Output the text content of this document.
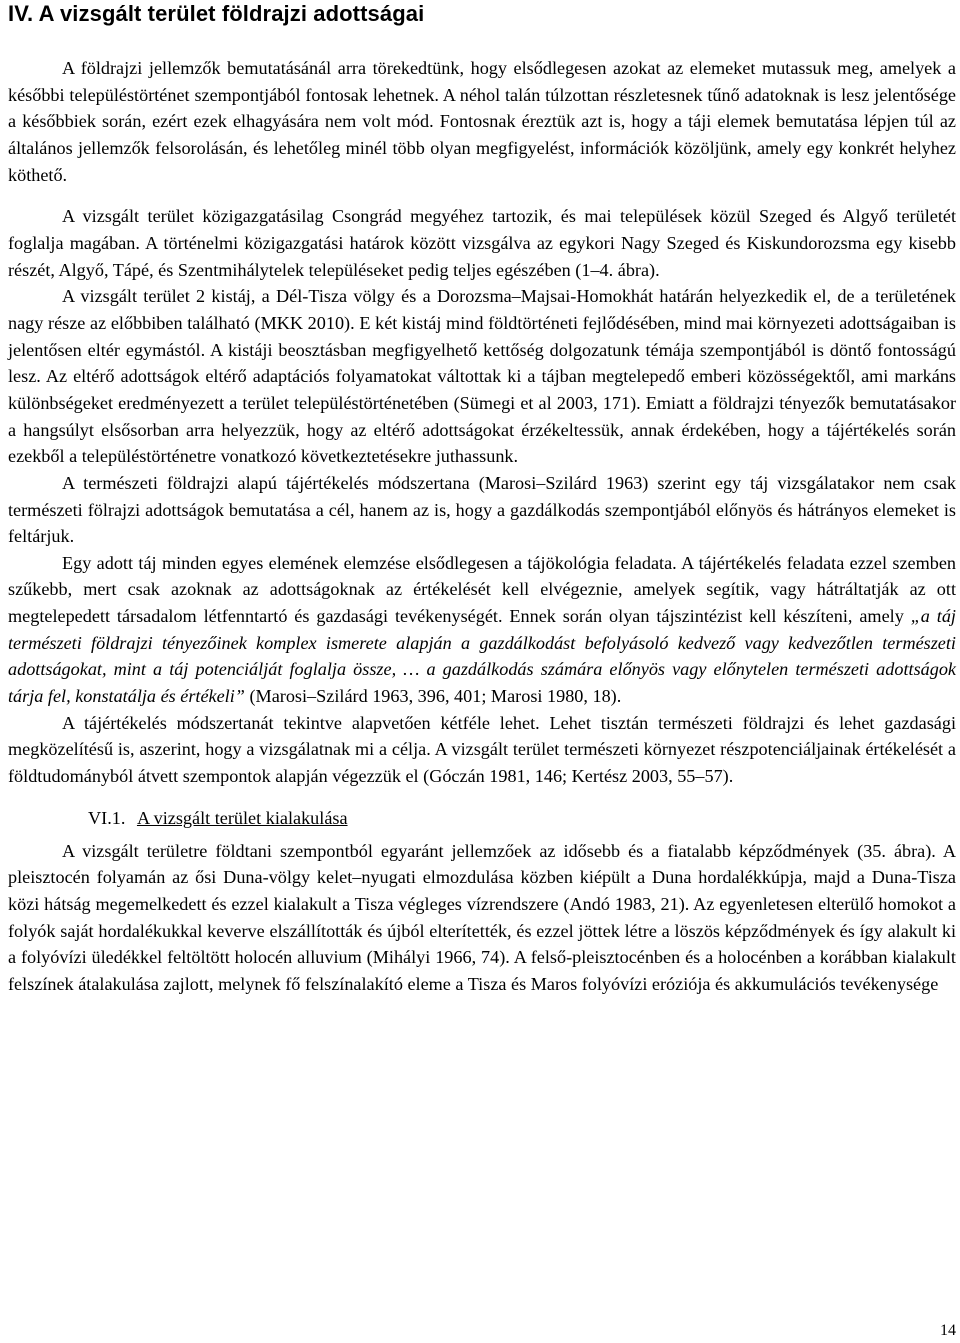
IV. A vizsgált terület földrajzi adottságai

A földrajzi jellemzők bemutatásánál arra törekedtünk, hogy elsődlegesen azokat az elemeket mutassuk meg, amelyek a későbbi településtörténet szempontjából fontosak lehetnek. A néhol talán túlzottan részletesnek tűnő adatoknak is lesz jelentősége a későbbiek során, ezért ezek elhagyására nem volt mód. Fontosnak éreztük azt is, hogy a táji elemek bemutatása lépjen túl az általános jellemzők felsorolásán, és lehetőleg minél több olyan megfigyelést, információk közöljünk, amely egy konkrét helyhez köthető.

A vizsgált terület közigazgatásilag Csongrád megyéhez tartozik, és mai települések közül Szeged és Algyő területét foglalja magában. A történelmi közigazgatási határok között vizsgálva az egykori Nagy Szeged és Kiskundorozsma egy kisebb részét, Algyő, Tápé, és Szentmihálytelek településeket pedig teljes egészében (1–4. ábra).

A vizsgált terület 2 kistáj, a Dél-Tisza völgy és a Dorozsma–Majsai-Homokhát határán helyezkedik el, de a területének nagy része az előbbiben található (MKK 2010). E két kistáj mind földtörténeti fejlődésében, mind mai környezeti adottságaiban is jelentősen eltér egymástól. A kistáji beosztásban megfigyelhető kettőség dolgozatunk témája szempontjából is döntő fontosságú lesz. Az eltérő adottságok eltérő adaptációs folyamatokat váltottak ki a tájban megtelepedő emberi közösségektől, ami markáns különbségeket eredményezett a terület településtörténetében (Sümegi et al 2003, 171). Emiatt a földrajzi tényezők bemutatásakor a hangsúlyt elsősorban arra helyezzük, hogy az eltérő adottságokat érzékeltessük, annak érdekében, hogy a tájértékelés során ezekből a településtörténetre vonatkozó következtetésekre juthassunk.

A természeti földrajzi alapú tájértékelés módszertana (Marosi–Szilárd 1963) szerint egy táj vizsgálatakor nem csak természeti fölrajzi adottságok bemutatása a cél, hanem az is, hogy a gazdálkodás szempontjából előnyös és hátrányos elemeket is feltárjuk.

Egy adott táj minden egyes elemének elemzése elsődlegesen a tájökológia feladata. A tájértékelés feladata ezzel szemben szűkebb, mert csak azoknak az adottságoknak az értékelését kell elvégeznie, amelyek segítik, vagy hátráltatják az ott megtelepedett társadalom létfenntartó és gazdasági tevékenységét. Ennek során olyan tájszintézist kell készíteni, amely „a táj természeti földrajzi tényezőinek komplex ismerete alapján a gazdálkodást befolyásoló kedvező vagy kedvezőtlen természeti adottságokat, mint a táj potenciálját foglalja össze, … a gazdálkodás számára előnyös vagy előnytelen természeti adottságok tárja fel, konstatálja és értékeli” (Marosi–Szilárd 1963, 396, 401; Marosi 1980, 18).

A tájértékelés módszertanát tekintve alapvetően kétféle lehet. Lehet tisztán természeti földrajzi és lehet gazdasági megközelítésű is, aszerint, hogy a vizsgálatnak mi a célja. A vizsgált terület természeti környezet részpotenciáljainak értékelését a földtudományból átvett szempontok alapján végezzük el (Góczán 1981, 146; Kertész 2003, 55–57).

VI.1. A vizsgált terület kialakulása

A vizsgált területre földtani szempontból egyaránt jellemzőek az idősebb és a fiatalabb képződmények (35. ábra). A pleisztocén folyamán az ősi Duna-völgy kelet–nyugati elmozdulása közben kiépült a Duna hordalékkúpja, majd a Duna-Tisza közi hátság megemelkedett és ezzel kialakult a Tisza végleges vízrendszere (Andó 1983, 21). Az egyenletesen elterülő homokot a folyók saját hordalékukkal keverve elszállították és újból elterítették, és ezzel jöttek létre a löszös képződmények és így alakult ki a folyóvízi üledékkel feltöltött holocén alluvium (Mihályi 1966, 74). A felső-pleisztocénben és a holocénben a korábban kialakult felszínek átalakulása zajlott, melynek fő felszínalakító eleme a Tisza és Maros folyóvízi eróziója és akkumulációs tevékenysége

14
